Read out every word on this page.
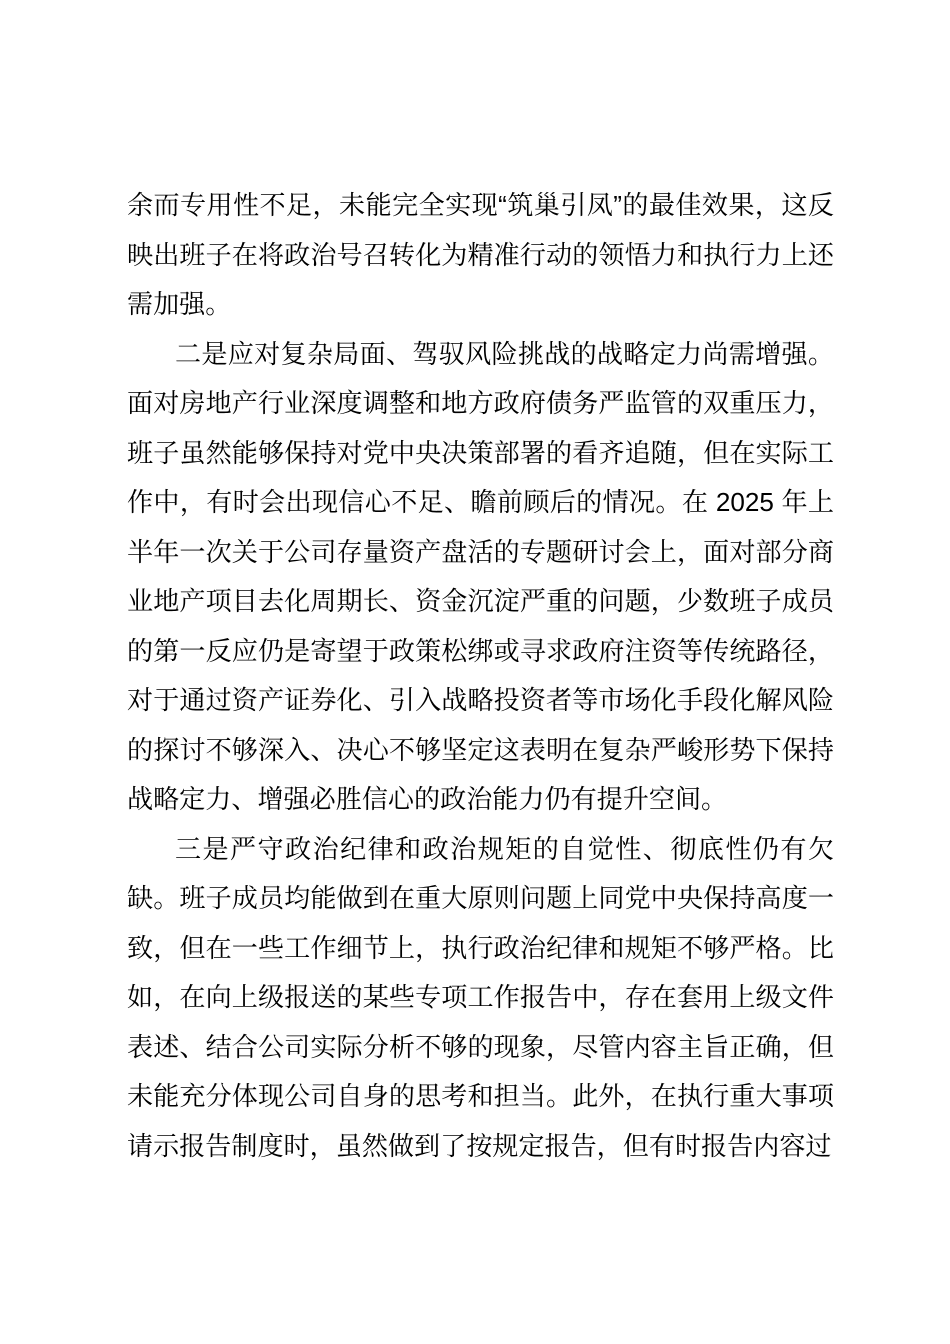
余而专用性不足，未能完全实现“筑巢引凤”的最佳效果，这反映出班子在将政治号召转化为精准行动的领悟力和执行力上还需加强。

二是应对复杂局面、驾驭风险挑战的战略定力尚需增强。面对房地产行业深度调整和地方政府债务严监管的双重压力，班子虽然能够保持对党中央决策部署的看齐追随，但在实际工作中，有时会出现信心不足、瞻前顾后的情况。在 2025 年上半年一次关于公司存量资产盘活的专题研讨会上，面对部分商业地产项目去化周期长、资金沉淀严重的问题，少数班子成员的第一反应仍是寄望于政策松绑或寻求政府注资等传统路径，对于通过资产证券化、引入战略投资者等市场化手段化解风险的探讨不够深入、决心不够坚定这表明在复杂严峻形势下保持战略定力、增强必胜信心的政治能力仍有提升空间。

三是严守政治纪律和政治规矩的自觉性、彻底性仍有欠缺。班子成员均能做到在重大原则问题上同党中央保持高度一致，但在一些工作细节上，执行政治纪律和规矩不够严格。比如，在向上级报送的某些专项工作报告中，存在套用上级文件表述、结合公司实际分析不够的现象，尽管内容主旨正确，但未能充分体现公司自身的思考和担当。此外，在执行重大事项请示报告制度时，虽然做到了按规定报告，但有时报告内容过
